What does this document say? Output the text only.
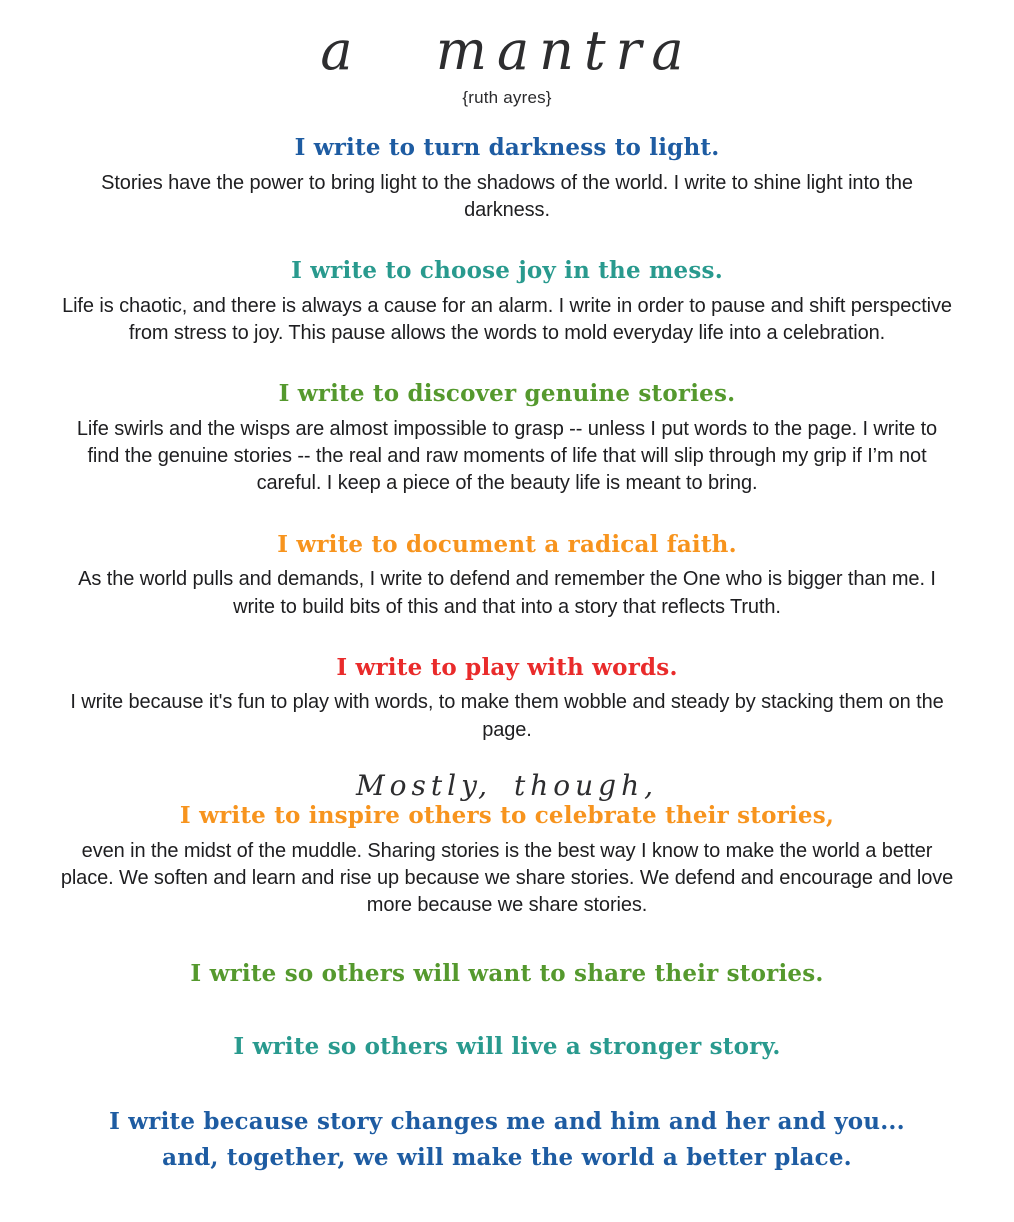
a mantra
{ruth ayres}
I write to turn darkness to light.

Stories have the power to bring light to the shadows of the world. I write to shine light into the darkness.

I write to choose joy in the mess.

Life is chaotic, and there is always a cause for an alarm. I write in order to pause and shift perspective from stress to joy. This pause allows the words to mold everyday life into a celebration.

I write to discover genuine stories.

Life swirls and the wisps are almost impossible to grasp -- unless I put words to the page. I write to find the genuine stories -- the real and raw moments of life that will slip through my grip if I’m not careful. I keep a piece of the beauty life is meant to bring.

I write to document a radical faith.

As the world pulls and demands, I write to defend and remember the One who is bigger than me. I write to build bits of this and that into a story that reflects Truth.

I write to play with words.

I write because it's fun to play with words, to make them wobble and steady by stacking them on the page.

Mostly, though,
I write to inspire others to celebrate their stories,

even in the midst of the muddle. Sharing stories is the best way I know to make the world a better place. We soften and learn and rise up because we share stories. We defend and encourage and love more because we share stories.

I write so others will want to share their stories.
I write so others will live a stronger story.
I write because story changes me and him and her and you...
and, together, we will make the world a better place.
